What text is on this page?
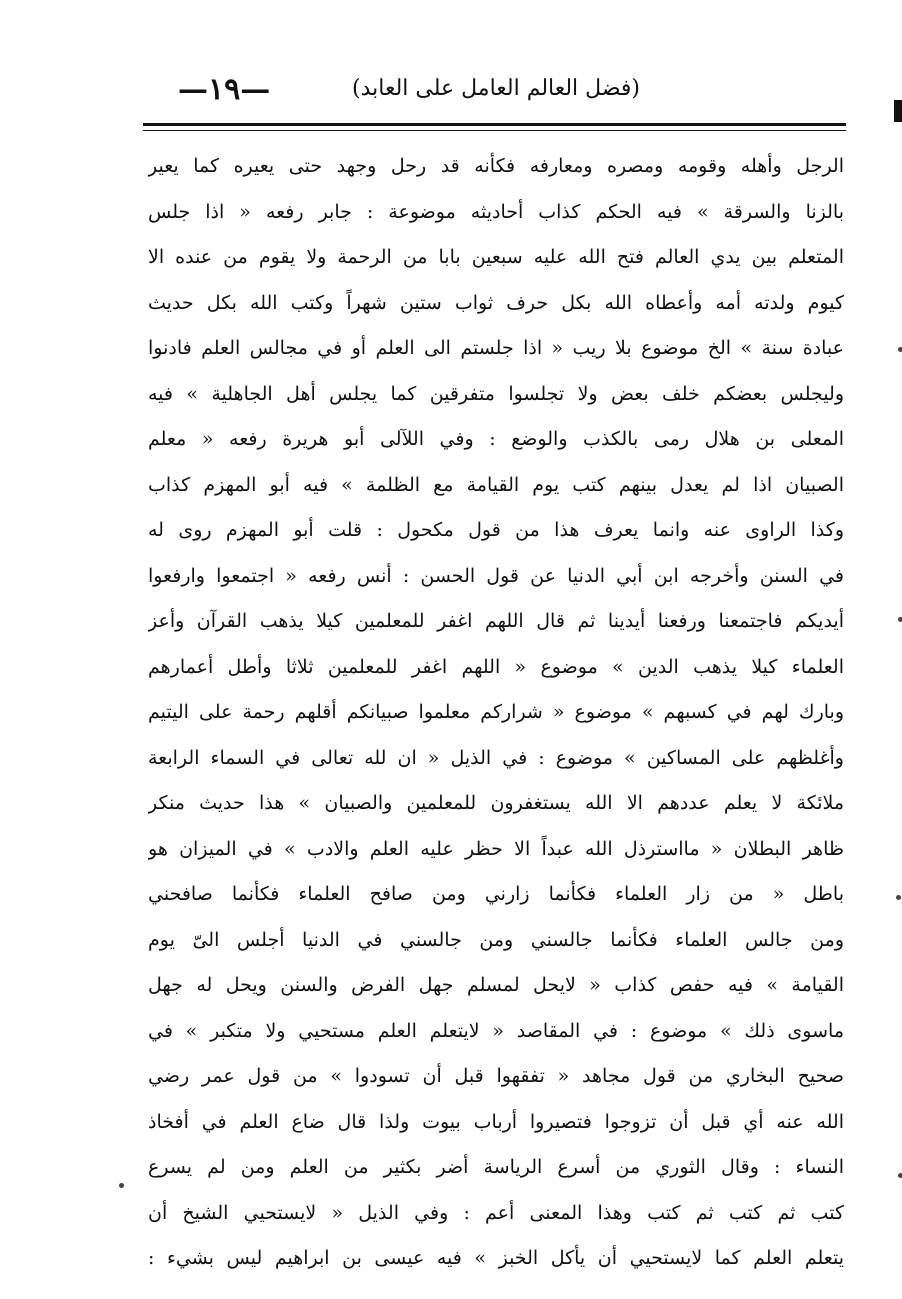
—١٩—	(فضل العالم العامل على العابد)
الرجل وأهله وقومه ومصره ومعارفه فكأنه قد رحل وجهد حتى يعيره كما يعير
بالزنا والسرقة » فيه الحكم كذاب أحاديثه موضوعة : جابر رفعه « اذا جلس
المتعلم بين يدي العالم فتح الله عليه سبعين بابا من الرحمة ولا يقوم من عنده الا
كيوم ولدته أمه وأعطاه الله بكل حرف ثواب ستين شهراً وكتب الله بكل حديث
عبادة سنة » الخ موضوع بلا ريب « اذا جلستم الى العلم أو في مجالس العلم فادنوا
وليجلس بعضكم خلف بعض ولا تجلسوا متفرقين كما يجلس أهل الجاهلية » فيه
المعلى بن هلال رمى بالكذب والوضع : وفي اللآلى أبو هريرة رفعه « معلم
الصبيان اذا لم يعدل بينهم كتب يوم القيامة مع الظلمة » فيه أبو المهزم كذاب
وكذا الراوى عنه وانما يعرف هذا من قول مكحول : قلت أبو المهزم روى له
في السنن وأخرجه ابن أبي الدنيا عن قول الحسن : أنس رفعه « اجتمعوا وارفعوا
أيديكم فاجتمعنا ورفعنا أيدينا ثم قال اللهم اغفر للمعلمين كيلا يذهب القرآن وأعز
العلماء كيلا يذهب الدين » موضوع « اللهم اغفر للمعلمين ثلاثا وأطل أعمارهم
وبارك لهم في كسبهم » موضوع « شراركم معلموا صبيانكم أقلهم رحمة على اليتيم
وأغلظهم على المساكين » موضوع : في الذيل « ان لله تعالى في السماء الرابعة
ملائكة لا يعلم عددهم الا الله يستغفرون للمعلمين والصبيان » هذا حديث منكر
ظاهر البطلان « مااسترذل الله عبداً الا حظر عليه العلم والادب » في الميزان هو
باطل « من زار العلماء فكأنما زارني ومن صافح العلماء فكأنما صافحني
ومن جالس العلماء فكأنما جالسني ومن جالسني في الدنيا أجلس الىّ يوم
القيامة » فيه حفص كذاب « لايحل لمسلم جهل الفرض والسنن ويحل له جهل
ماسوى ذلك » موضوع : في المقاصد « لايتعلم العلم مستحيي ولا متكبر » في
صحيح البخاري من قول مجاهد « تفقهوا قبل أن تسودوا » من قول عمر رضي
الله عنه أي قبل أن تزوجوا فتصيروا أرباب بيوت ولذا قال ضاع العلم في أفخاذ
النساء : وقال الثوري من أسرع الرياسة أضر بكثير من العلم ومن لم يسرع
كتب ثم كتب ثم كتب وهذا المعنى أعم : وفي الذيل « لايستحيي الشيخ أن
يتعلم العلم كما لايستحيي أن يأكل الخبز » فيه عيسى بن ابراهيم ليس بشيء :
